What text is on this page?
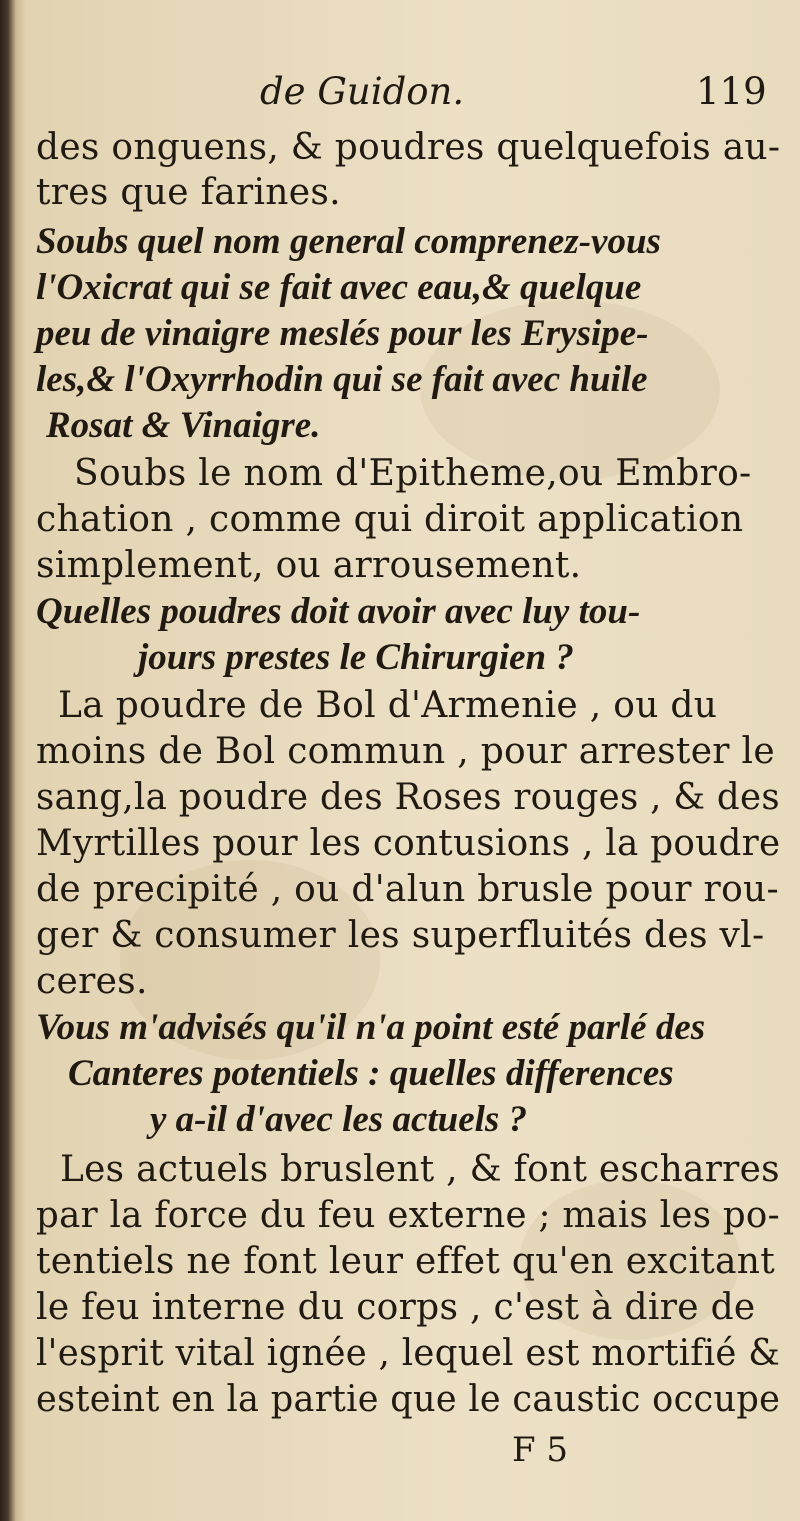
de Guidon.	119
des onguens, & poudres quelquefois au-
tres que farines.
Soubs quel nom general comprenez-vous
l'Oxicrat qui se fait avec eau,& quelque
peu de vinaigre meslés pour les Erysipe-
les,& l'Oxyrrhodin qui se fait avec huile
Rosat & Vinaigre.
Soubs le nom d'Epitheme,ou Embro-
chation , comme qui diroit application
simplement, ou arrousement.
Quelles poudres doit avoir avec luy tou-
jours prestes le Chirurgien ?
La poudre de Bol d'Armenie , ou du
moins de Bol commun , pour arrester le
sang,la poudre des Roses rouges , & des
Myrtilles pour les contusions , la poudre
de precipité , ou d'alun brusle pour rou-
ger & consumer les superfluités des vl-
ceres.
Vous m'advisés qu'il n'a point esté parlé des
Canteres potentiels : quelles differences
y a-il d'avec les actuels ?
Les actuels bruslent , & font escharres
par la force du feu externe ; mais les po-
tentiels ne font leur effet qu'en excitant
le feu interne du corps , c'est à dire de
l'esprit vital ignée , lequel est mortifié &
esteint en la partie que le caustic occupe
F 5
